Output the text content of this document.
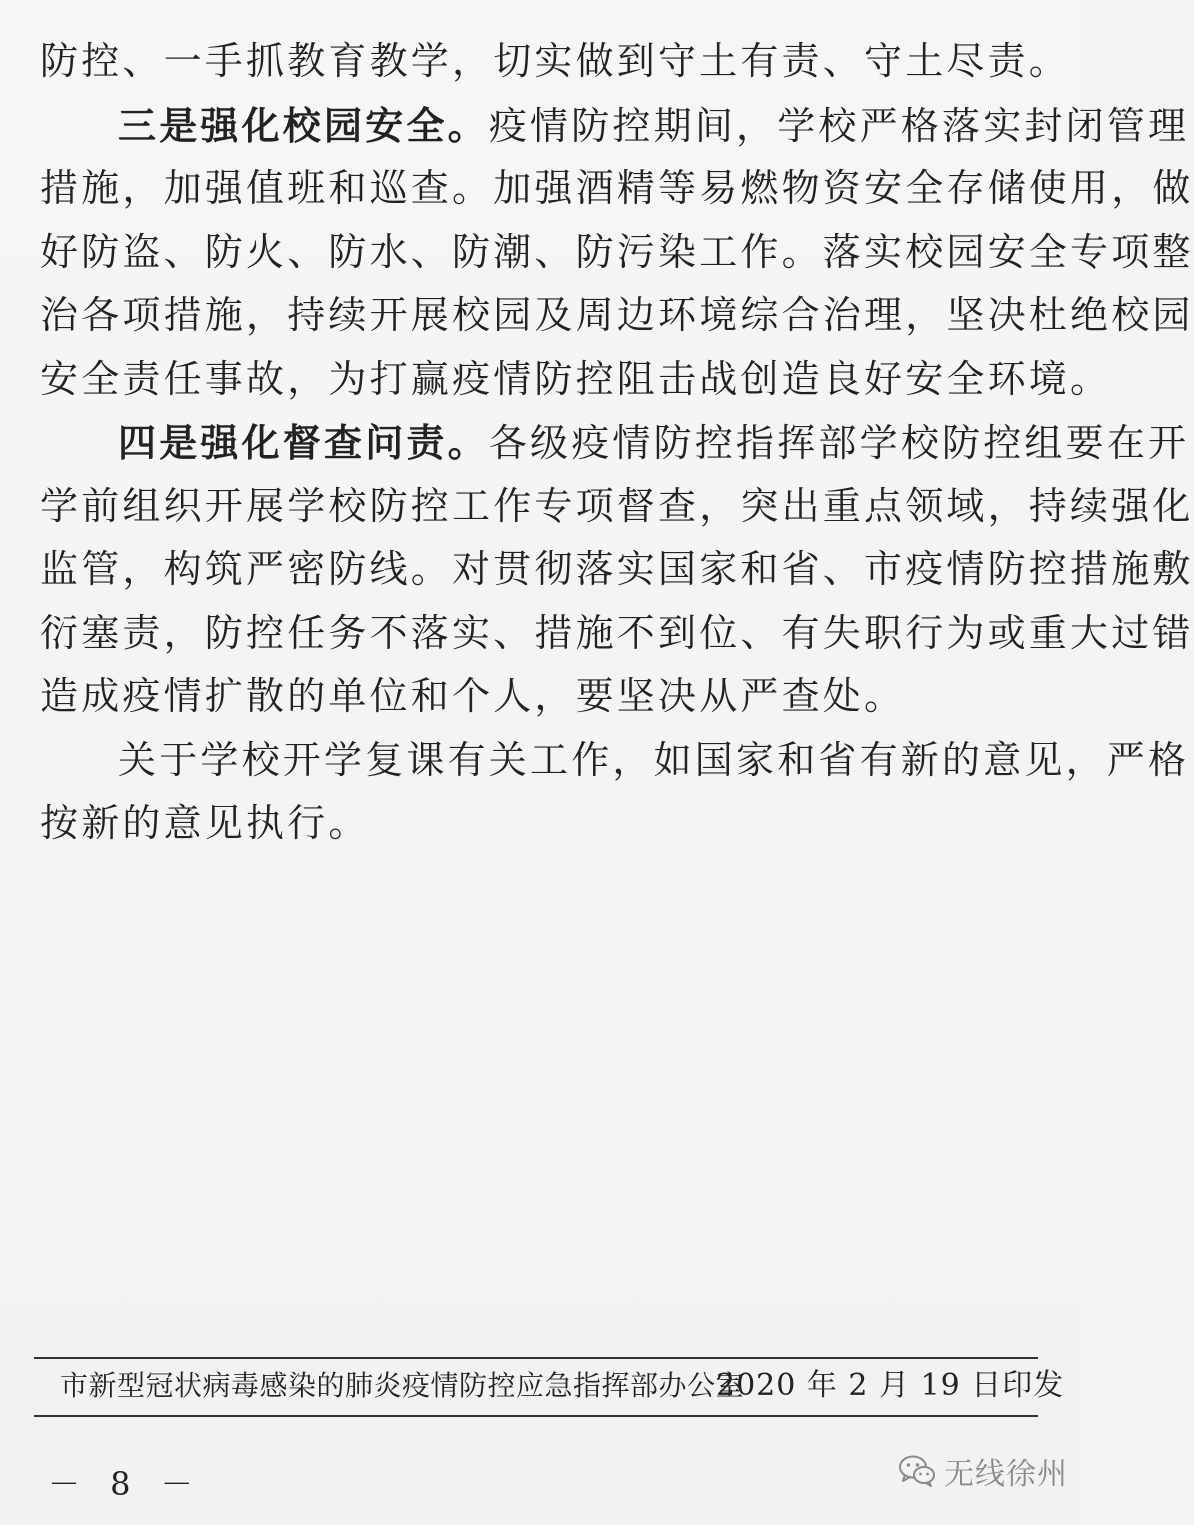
防控、一手抓教育教学，切实做到守土有责、守土尽责。
三是强化校园安全。疫情防控期间，学校严格落实封闭管理
措施，加强值班和巡查。加强酒精等易燃物资安全存储使用，做
好防盗、防火、防水、防潮、防污染工作。落实校园安全专项整
治各项措施，持续开展校园及周边环境综合治理，坚决杜绝校园
安全责任事故，为打赢疫情防控阻击战创造良好安全环境。
四是强化督查问责。各级疫情防控指挥部学校防控组要在开
学前组织开展学校防控工作专项督查，突出重点领域，持续强化
监管，构筑严密防线。对贯彻落实国家和省、市疫情防控措施敷
衍塞责，防控任务不落实、措施不到位、有失职行为或重大过错
造成疫情扩散的单位和个人，要坚决从严查处。
关于学校开学复课有关工作，如国家和省有新的意见，严格
按新的意见执行。
市新型冠状病毒感染的肺炎疫情防控应急指挥部办公室
2020 年 2 月 19 日印发
－ 8 －	无线徐州
